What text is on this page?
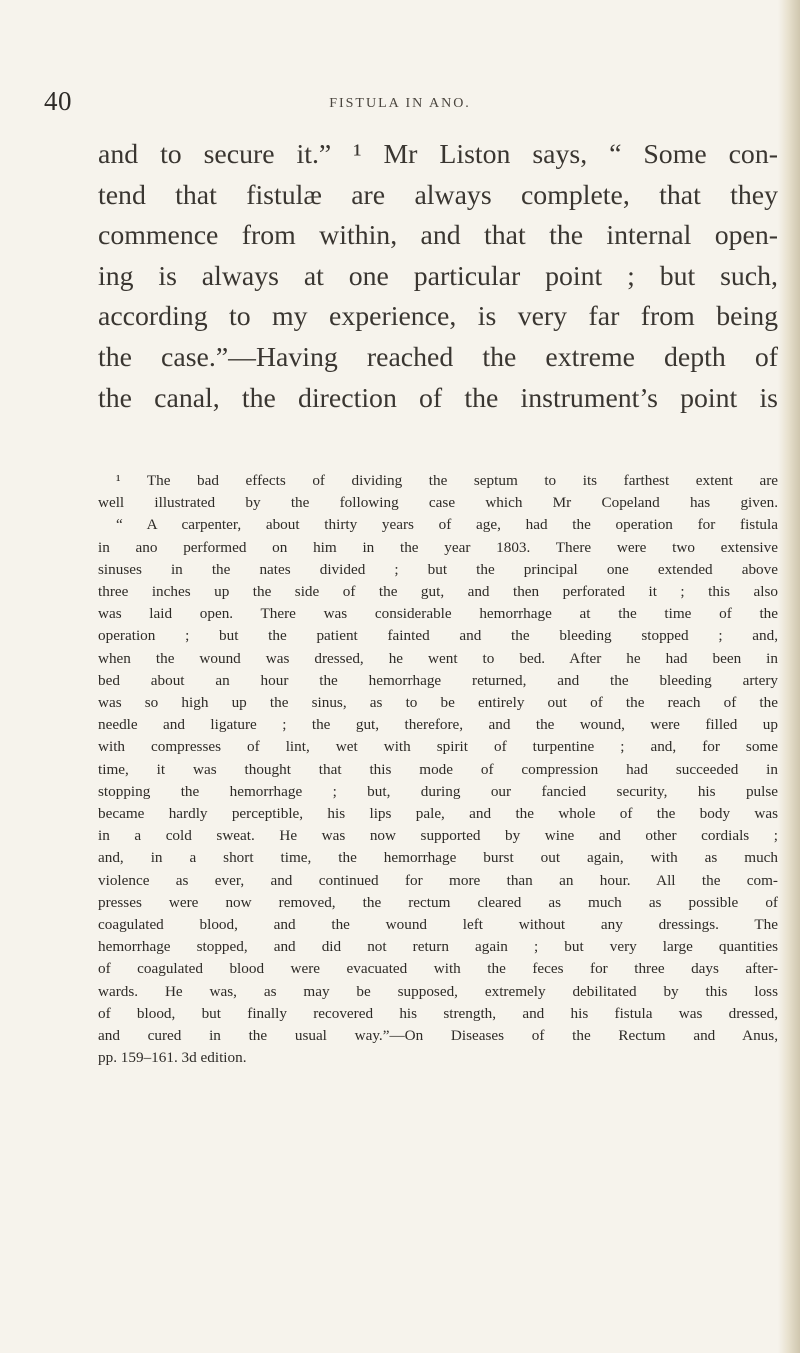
40	FISTULA IN ANO.
and to secure it.” ¹ Mr Liston says, “ Some con-
tend that fistulæ are always complete, that they
commence from within, and that the internal open-
ing is always at one particular point ; but such,
according to my experience, is very far from being
the case.”—Having reached the extreme depth of
the canal, the direction of the instrument’s point is
¹ The bad effects of dividing the septum to its farthest extent are
well illustrated by the following case which Mr Copeland has given.
“ A carpenter, about thirty years of age, had the operation for fistula
in ano performed on him in the year 1803. There were two extensive
sinuses in the nates divided ; but the principal one extended above
three inches up the side of the gut, and then perforated it ; this also
was laid open. There was considerable hemorrhage at the time of the
operation ; but the patient fainted and the bleeding stopped ; and,
when the wound was dressed, he went to bed. After he had been in
bed about an hour the hemorrhage returned, and the bleeding artery
was so high up the sinus, as to be entirely out of the reach of the
needle and ligature ; the gut, therefore, and the wound, were filled up
with compresses of lint, wet with spirit of turpentine ; and, for some
time, it was thought that this mode of compression had succeeded in
stopping the hemorrhage ; but, during our fancied security, his pulse
became hardly perceptible, his lips pale, and the whole of the body was
in a cold sweat. He was now supported by wine and other cordials ;
and, in a short time, the hemorrhage burst out again, with as much
violence as ever, and continued for more than an hour. All the com-
presses were now removed, the rectum cleared as much as possible of
coagulated blood, and the wound left without any dressings. The
hemorrhage stopped, and did not return again ; but very large quantities
of coagulated blood were evacuated with the feces for three days after-
wards. He was, as may be supposed, extremely debilitated by this loss
of blood, but finally recovered his strength, and his fistula was dressed,
and cured in the usual way.”—On Diseases of the Rectum and Anus,
pp. 159–161. 3d edition.
